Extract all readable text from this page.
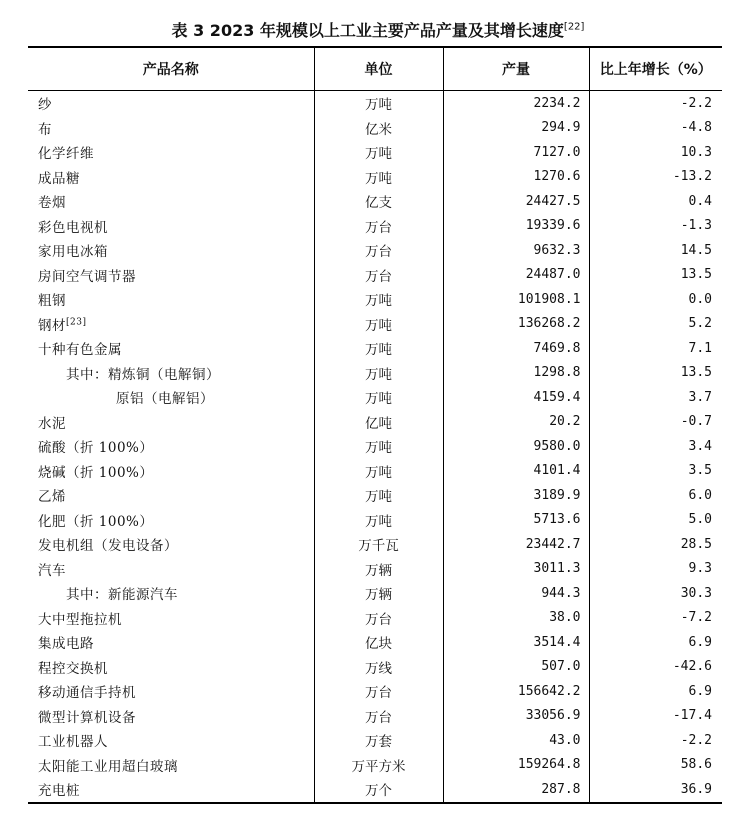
表 3 2023 年规模以上工业主要产品产量及其增长速度[22]
产品名称	单位	产量	比上年增长（%）
纱	万吨	2234.2	-2.2
布	亿米	294.9	-4.8
化学纤维	万吨	7127.0	10.3
成品糖	万吨	1270.6	-13.2
卷烟	亿支	24427.5	0.4
彩色电视机	万台	19339.6	-1.3
家用电冰箱	万台	9632.3	14.5
房间空气调节器	万台	24487.0	13.5
粗钢	万吨	101908.1	0.0
钢材[23]	万吨	136268.2	5.2
十种有色金属	万吨	7469.8	7.1
其中：精炼铜（电解铜）	万吨	1298.8	13.5
原铝（电解铝）	万吨	4159.4	3.7
水泥	亿吨	20.2	-0.7
硫酸（折 100%）	万吨	9580.0	3.4
烧碱（折 100%）	万吨	4101.4	3.5
乙烯	万吨	3189.9	6.0
化肥（折 100%）	万吨	5713.6	5.0
发电机组（发电设备）	万千瓦	23442.7	28.5
汽车	万辆	3011.3	9.3
其中：新能源汽车	万辆	944.3	30.3
大中型拖拉机	万台	38.0	-7.2
集成电路	亿块	3514.4	6.9
程控交换机	万线	507.0	-42.6
移动通信手持机	万台	156642.2	6.9
微型计算机设备	万台	33056.9	-17.4
工业机器人	万套	43.0	-2.2
太阳能工业用超白玻璃	万平方米	159264.8	58.6
充电桩	万个	287.8	36.9
